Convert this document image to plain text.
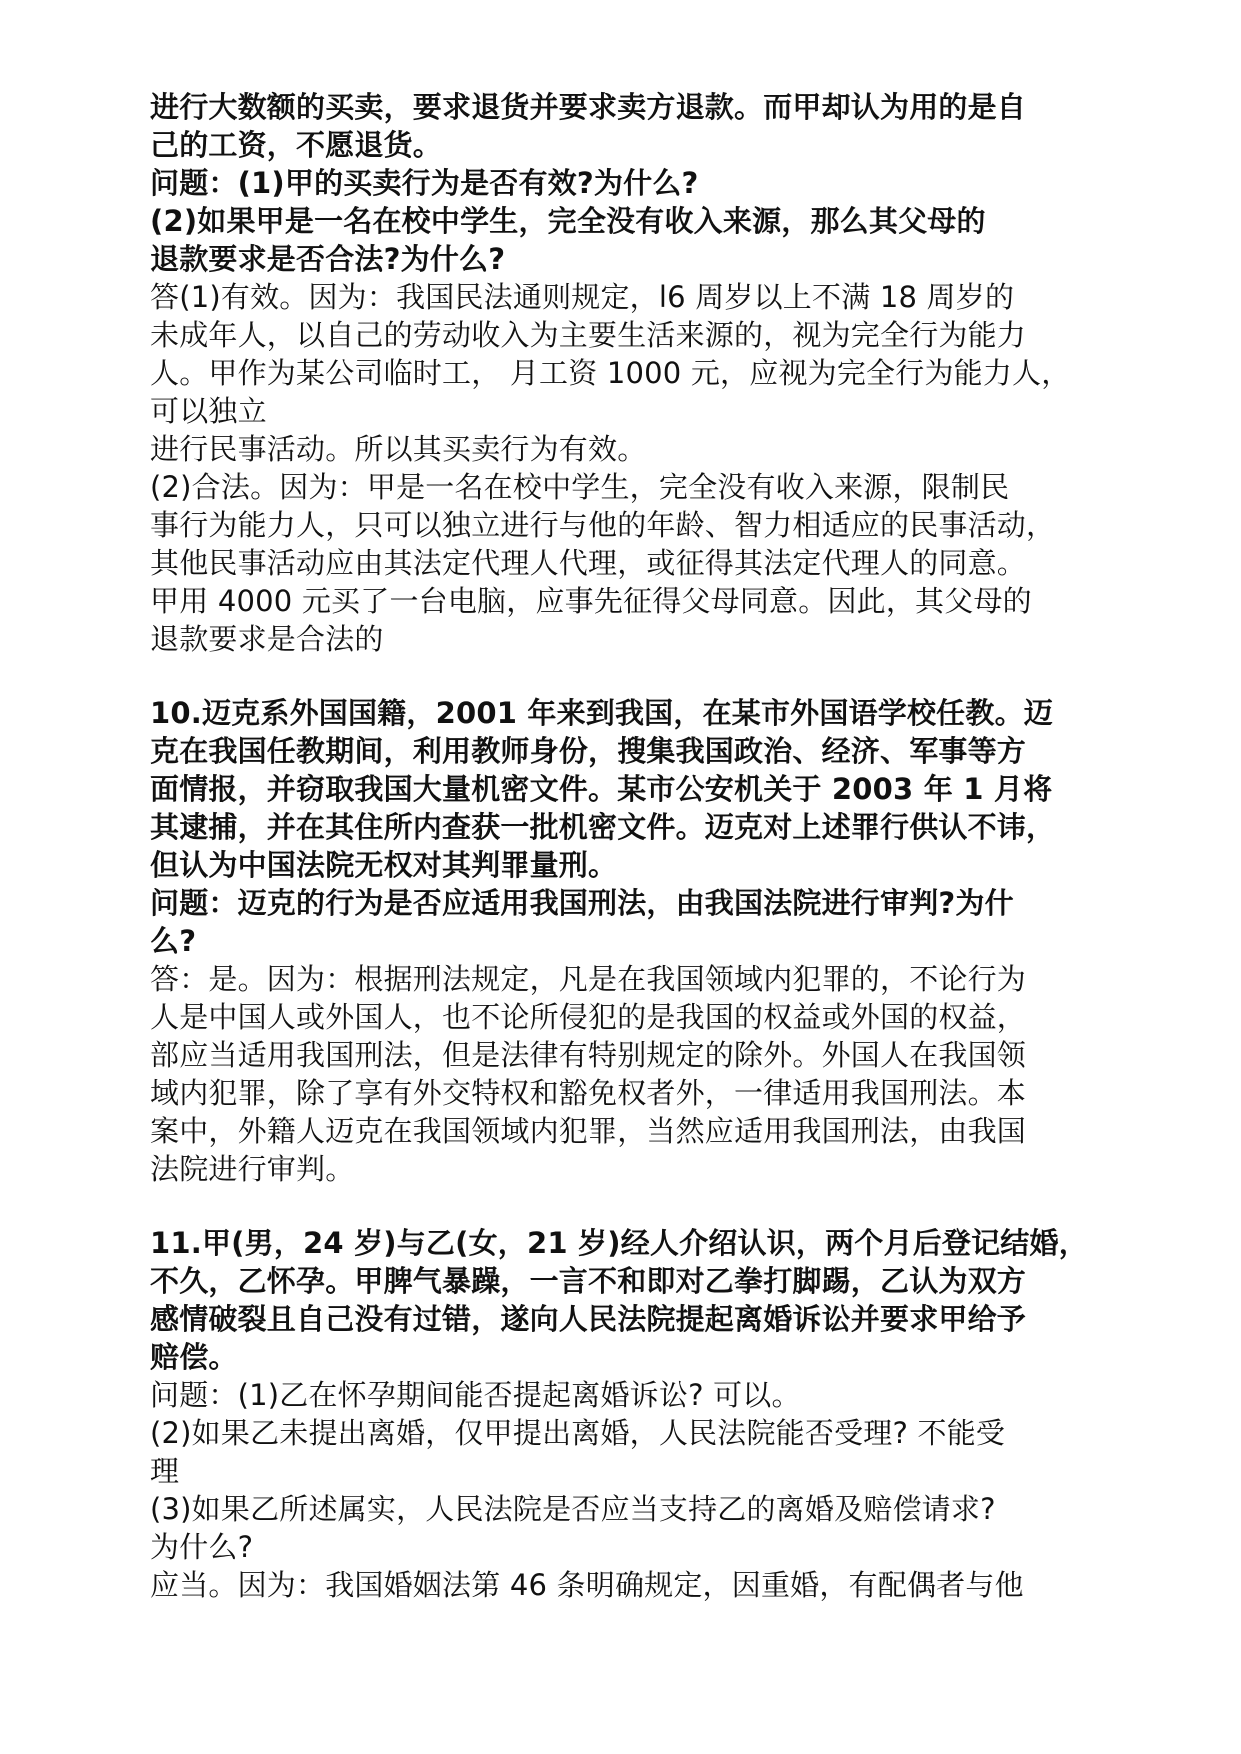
进行大数额的买卖，要求退货并要求卖方退款。而甲却认为用的是自
己的工资，不愿退货。
问题：(1)甲的买卖行为是否有效?为什么?
(2)如果甲是一名在校中学生，完全没有收入来源，那么其父母的
退款要求是否合法?为什么?
答(1)有效。因为：我国民法通则规定，l6 周岁以上不满 18 周岁的
未成年人，以自己的劳动收入为主要生活来源的，视为完全行为能力
人。甲作为某公司临时工， 月工资 1000 元，应视为完全行为能力人，
可以独立
进行民事活动。所以其买卖行为有效。
(2)合法。因为：甲是一名在校中学生，完全没有收入来源，限制民
事行为能力人，只可以独立进行与他的年龄、智力相适应的民事活动，
其他民事活动应由其法定代理人代理，或征得其法定代理人的同意。
甲用 4000 元买了一台电脑，应事先征得父母同意。因此，其父母的
退款要求是合法的
10.迈克系外国国籍，2001 年来到我国，在某市外国语学校任教。迈
克在我国任教期间，利用教师身份，搜集我国政治、经济、军事等方
面情报，并窃取我国大量机密文件。某市公安机关于 2003 年 1 月将
其逮捕，并在其住所内查获一批机密文件。迈克对上述罪行供认不讳，
但认为中国法院无权对其判罪量刑。
问题：迈克的行为是否应适用我国刑法，由我国法院进行审判?为什
么?
答：是。因为：根据刑法规定，凡是在我国领域内犯罪的，不论行为
人是中国人或外国人，也不论所侵犯的是我国的权益或外国的权益，
部应当适用我国刑法，但是法律有特别规定的除外。外国人在我国领
域内犯罪，除了享有外交特权和豁免权者外，一律适用我国刑法。本
案中，外籍人迈克在我国领域内犯罪，当然应适用我国刑法，由我国
法院进行审判。
11.甲(男，24 岁)与乙(女，21 岁)经人介绍认识，两个月后登记结婚，
不久，乙怀孕。甲脾气暴躁，一言不和即对乙拳打脚踢，乙认为双方
感情破裂且自己没有过错，遂向人民法院提起离婚诉讼并要求甲给予
赔偿。
问题：(1)乙在怀孕期间能否提起离婚诉讼? 可以。
(2)如果乙未提出离婚，仅甲提出离婚，人民法院能否受理? 不能受
理
(3)如果乙所述属实，人民法院是否应当支持乙的离婚及赔偿请求?
为什么?
应当。因为：我国婚姻法第 46 条明确规定，因重婚，有配偶者与他
